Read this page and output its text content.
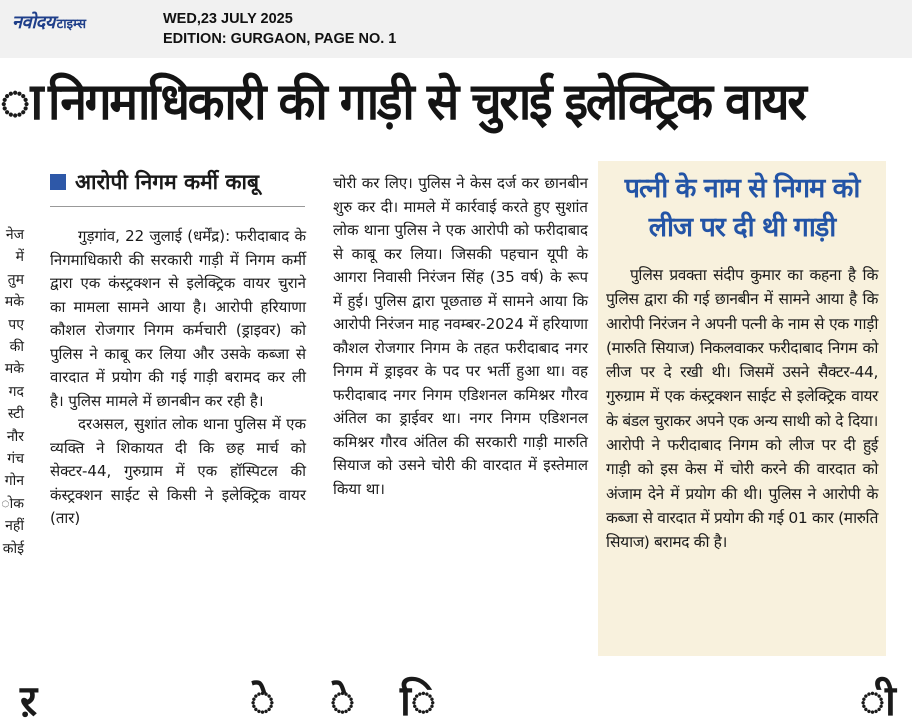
नवोदय टाइम्स	WED,23 JULY 2025
EDITION: GURGAON, PAGE NO. 1
ा निगमाधिकारी की गाड़ी से चुराई इलेक्ट्रिक वायर
नेज
में
तुम
मके
पए
की
मके
गद
स्टी
नौर
गंच
गोन
ोक
नहीं
कोई
आरोपी निगम कर्मी काबू

गुड़गांव, 22 जुलाई (धर्मेंद्र): फरीदाबाद के निगमाधिकारी की सरकारी गाड़ी में निगम कर्मी द्वारा एक कंस्ट्रक्शन से इलेक्ट्रिक वायर चुराने का मामला सामने आया है। आरोपी हरियाणा कौशल रोजगार निगम कर्मचारी (ड्राइवर) को पुलिस ने काबू कर लिया और उसके कब्जा से वारदात में प्रयोग की गई गाड़ी बरामद कर ली है। पुलिस मामले में छानबीन कर रही है।

दरअसल, सुशांत लोक थाना पुलिस में एक व्यक्ति ने शिकायत दी कि छह मार्च को सेक्टर-44, गुरुग्राम में एक हॉस्पिटल की कंस्ट्रक्शन साईट से किसी ने इलेक्ट्रिक वायर (तार)

चोरी कर लिए। पुलिस ने केस दर्ज कर छानबीन शुरु कर दी। मामले में कार्रवाई करते हुए सुशांत लोक थाना पुलिस ने एक आरोपी को फरीदाबाद से काबू कर लिया। जिसकी पहचान यूपी के आगरा निवासी निरंजन सिंह (35 वर्ष) के रूप में हुई। पुलिस द्वारा पूछताछ में सामने आया कि आरोपी निरंजन माह नवम्बर-2024 में हरियाणा कौशल रोजगार निगम के तहत फरीदाबाद नगर निगम में ड्राइवर के पद पर भर्ती हुआ था। वह फरीदाबाद नगर निगम एडिशनल कमिश्नर गौरव अंतिल का ड्राईवर था। नगर निगम एडिशनल कमिश्नर गौरव अंतिल की सरकारी गाड़ी मारुति सियाज को उसने चोरी की वारदात में इस्तेमाल किया था।

पत्नी के नाम से निगम को
लीज पर दी थी गाड़ी

पुलिस प्रवक्ता संदीप कुमार का कहना है कि पुलिस द्वारा की गई छानबीन में सामने आया है कि आरोपी निरंजन ने अपनी पत्नी के नाम से एक गाड़ी (मारुति सियाज) निकलवाकर फरीदाबाद निगम को लीज पर दे रखी थी। जिसमें उसने सैक्टर-44, गुरुग्राम में एक कंस्ट्रक्शन साईट से इलेक्ट्रिक वायर के बंडल चुराकर अपने एक अन्य साथी को दे दिया। आरोपी ने फरीदाबाद निगम को लीज पर दी हुई गाड़ी को इस केस में चोरी करने की वारदात को अंजाम देने में प्रयोग की थी। पुलिस ने आरोपी के कब्जा से वारदात में प्रयोग की गई 01 कार (मारुति सियाज) बरामद की है।

ऱ	े े ि	ी
